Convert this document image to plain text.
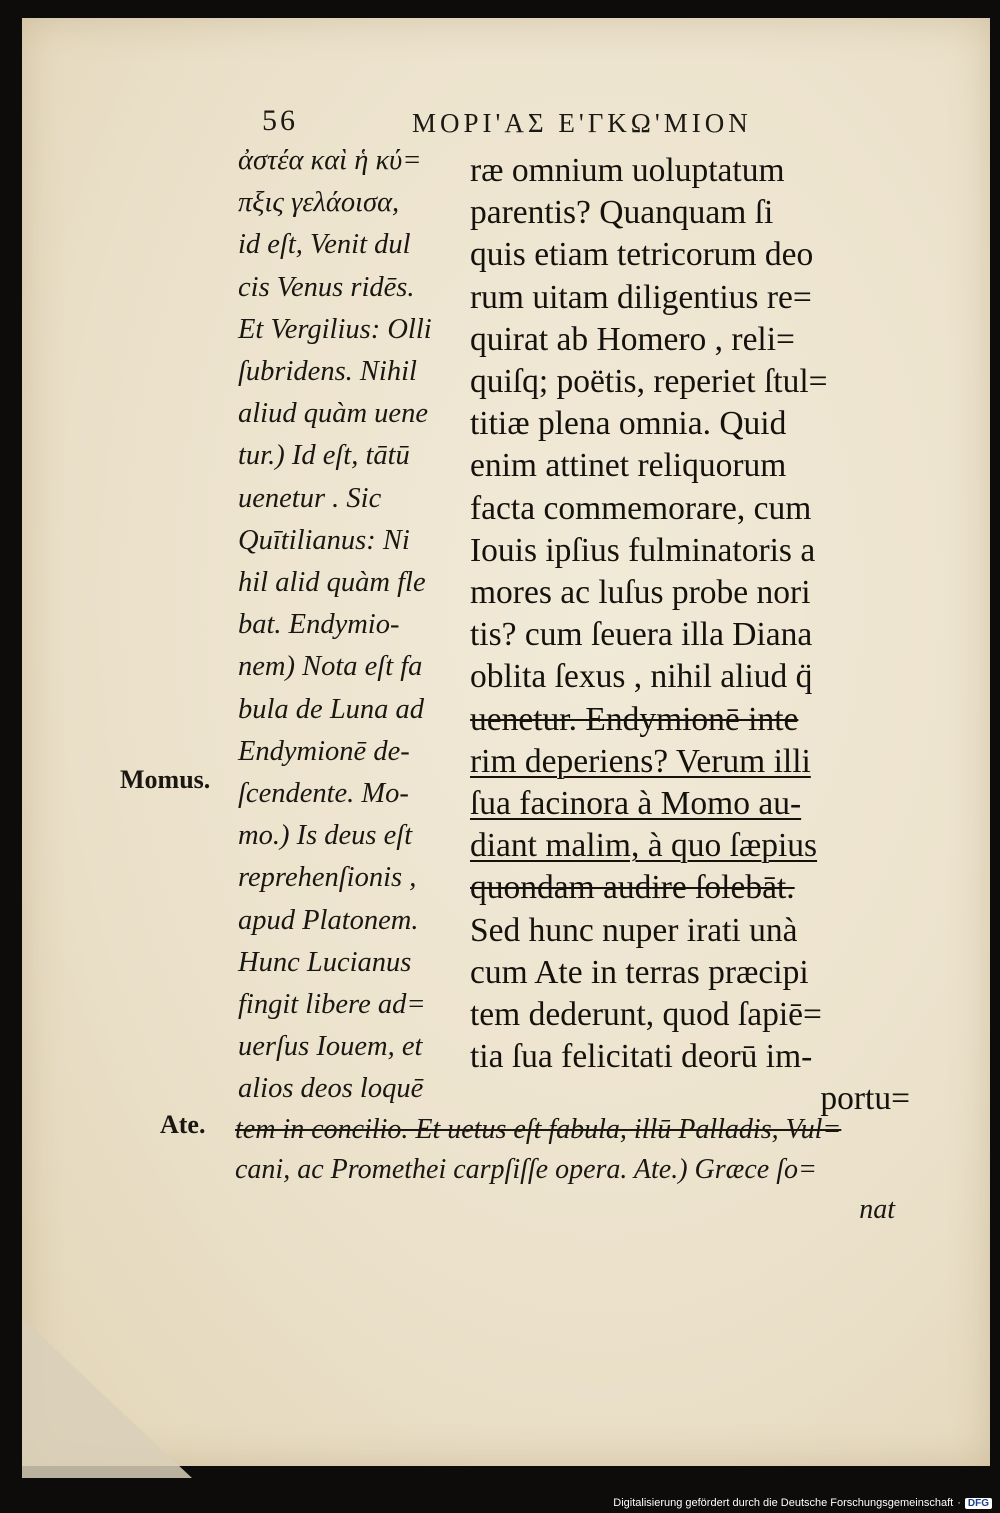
56	ΜΟΡΙ'ΑΣ Ε'ΓΚΩ'ΜΙΟΝ
ἀστέα καὶ ἡ κύ=
πξις γελάοισα,
id eſt, Venit dul
cis Venus ridēs.
Et Vergilius: Olli
ſubridens. Nihil
aliud quàm uene
tur.) Id eſt, tātū
uenetur . Sic
Quītilianus: Ni
hil alid quàm fle
bat. Endymio-
nem) Nota eſt fa
bula de Luna ad
Endymionē de-
ſcendente. Mo-
mo.) Is deus eſt
reprehenſionis ,
apud Platonem.
Hunc Lucianus
fingit libere ad=
uerſus Iouem, et
alios deos loquē
ræ omnium uoluptatum
parentis? Quanquam ſi
quis etiam tetricorum deo
rum uitam diligentius re=
quirat ab Homero , reli=
quiſq; poëtis, reperiet ſtul=
titiæ plena omnia. Quid
enim attinet reliquorum
facta commemorare, cum
Iouis ipſius fulminatoris a
mores ac luſus probe nori
tis? cum ſeuera illa Diana
oblita ſexus , nihil aliud q̈
uenetur. Endymionē inte
rim deperiens? Verum illi
ſua facinora à Momo au-
diant malim, à quo ſæpius
quondam audire ſolebāt.
Sed hunc nuper irati unà
cum Ate in terras præcipi
tem dederunt, quod ſapiē=
tia ſua felicitati deorū im-
portu=
tem in concilio. Et uetus eſt fabula, illū Palladis, Vul=
cani, ac Promethei carpſiſſe opera. Ate.) Græce ſo=
nat
Momus.
Ate.
Digitalisierung gefördert durch die Deutsche Forschungsgemeinschaft · DFG
